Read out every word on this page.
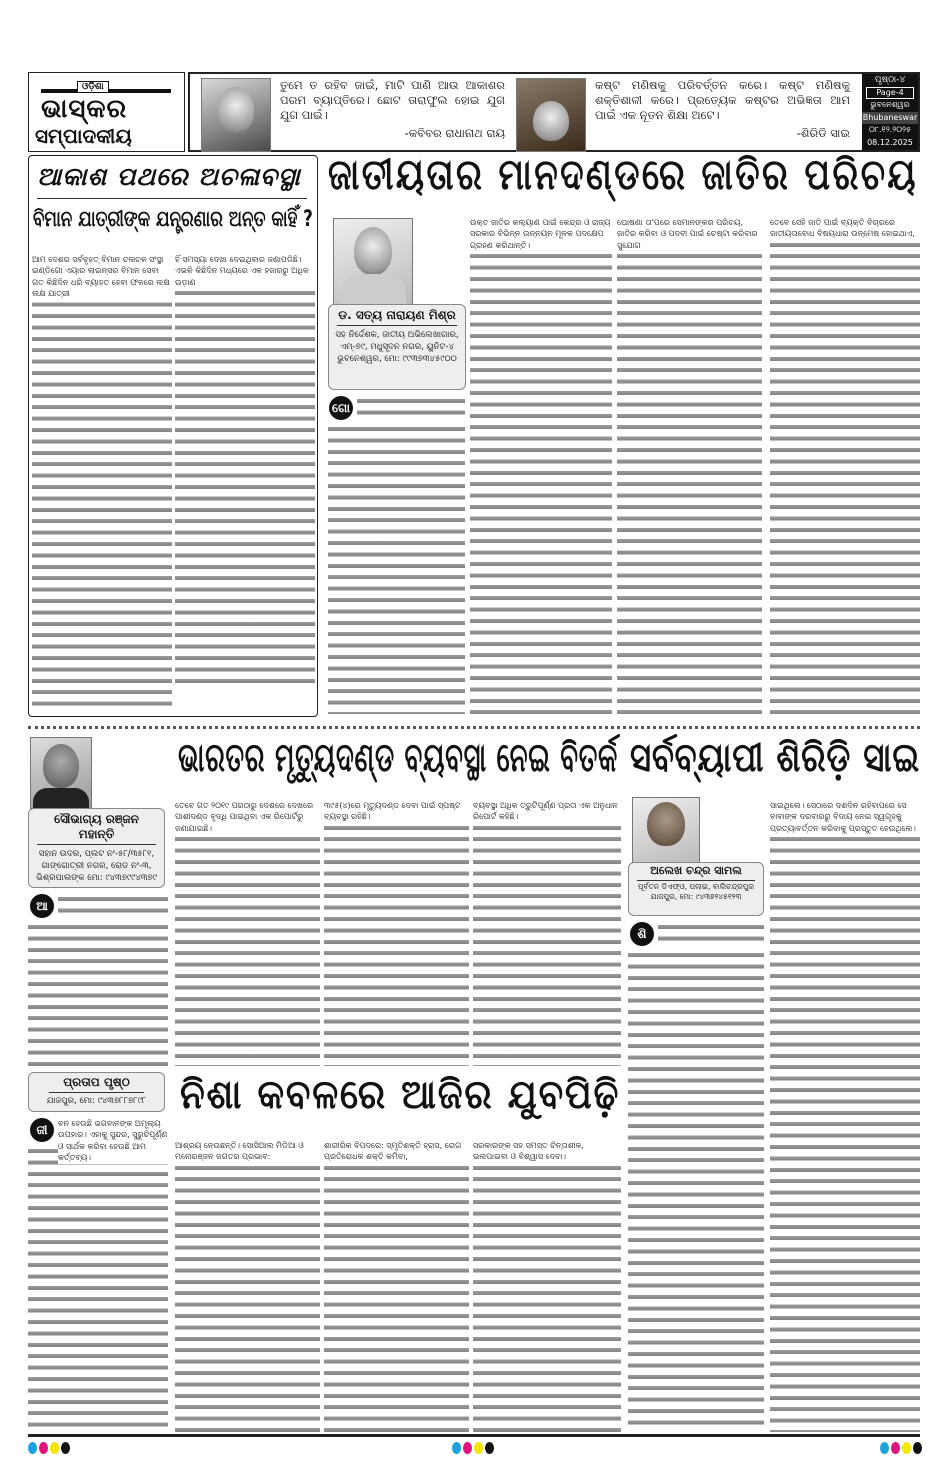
ଓଡ଼ିଶା
ଭାସ୍କର
ସମ୍ପାଦକୀୟ
ତୁମେ ତ ରହିବ ଜାଇଁ, ମାଟି ପାଣି ଆଉ ଆକାଶର ପରମ ବ୍ୟାପ୍ତିରେ। ଛୋଟ ତାରାଫୁଲ ହୋଇ ଯୁଗ ଯୁଗ ପାଇଁ।
-କବିବର ରାଧାନାଥ ରାୟ
କଷ୍ଟ ମଣିଷକୁ ପରିବର୍ତ୍ତନ କରେ। କଷ୍ଟ ମଣିଷକୁ ଶକ୍ତିଶାଳୀ କରେ। ପ୍ରତ୍ୟେକ କଷ୍ଟର ଅଭିଜ୍ଞତା ଆମ ପାଇଁ ଏକ ନୂତନ ଶିକ୍ଷା ଅଟେ।
-ଶିରିଡି ସାଇ
ପୃଷ୍ଠା-୪
Page-4
ଭୁବନେଶ୍ୱର
Bhubaneswar
୦୮.୧୨.୨୦୨୫
08.12.2025
ଆକାଶ ପଥରେ ଅଚଳାବସ୍ଥା
ବିମାନ ଯାତ୍ରୀଙ୍କ ଯନ୍ତ୍ରଣାର ଅନ୍ତ କାହିଁ ?
ଆମ ଦେଶର ସର୍ବବୃହତ୍ ବିମାନ ଚଳାଚଳ ସଂସ୍ଥା ଇଣ୍ଡିଗୋ ଏୟାର ଲାଇନ୍ସର ବିମାନ ସେବା ଗତ କିଛିଦିନ ଧରି ବ୍ୟାହତ ହେବା ଫଳରେ ଲକ୍ଷ ଲକ୍ଷ ଯାତ୍ରୀ
ହିଁ ସମସ୍ୟା ଦେଖା ଦେଇଥିବାର ଜଣାପଡିଛି। ଏଭଳି କିଛିଦିନ ମଧ୍ୟରେ ଏକ ହଜାରରୁ ଅଧିକ ଉଡ଼ାଣ
ଜାତୀୟତାର ମାନଦଣ୍ଡରେ ଜାତିର ପରିଚୟ
ଡ. ସତ୍ୟ ନାରାୟଣ ମିଶ୍ର
ସହ ନିର୍ଦ୍ଦେଶକ, ଜାତୀୟ ଅଭିଲେଖାଗାର, ଏମ୍-୭୯, ମଧୁସୂଦନ ନଗର, ୟୁନିଟ-୪ ଭୁବନେଶ୍ୱର, ମୋ: ୯୯୩୭୩୪୫୯୦୦
ଗୋ
ଉକ୍ତ ଜାତିର କଲ୍ୟାଣ ପାଇଁ କେନ୍ଦ୍ର ଓ ରାଜ୍ୟ ସରକାର ବିଭିନ୍ନ ଉନ୍ନୟନ ମୂଳକ ପଦକ୍ଷେପ ଗ୍ରହଣ କରିଥାନ୍ତି।
ଘୋଷଣା ତା'ପରେ ସେମାନଙ୍କର ପରିଚୟ, ଜାତିର କରିବା ଓ ପଦବୀ ପାଇଁ ଚେଷ୍ଟା କରିବାର ସୁଯୋଗ
ତେବେ ସେହି ଜାତି ପାଇଁ ବ୍ୟକ୍ତି ବିଚାରରେ ଜାତୀୟତାବୋଧ ବିଷୟଧାରା ଉନ୍ମେଷ ହୋଇଥାଏ,
ସୌଭାଗ୍ୟ ରଞ୍ଜନ ମହାନ୍ତି
ସହାନ ଉଦର, ପ୍ଲଟ ନଂ-୫୮/୩୫୮୧, ଗାଙ୍ଗୋତ୍ରୀ ନଗର, ରୋଡ ନଂ-୩, ଭିଶ୍ରପାଲଙ୍କ ମୋ: ୯୪୩୭୯୯୪୩୭୯
ଭାରତର ମୃତ୍ୟୁଦଣ୍ଡ ବ୍ୟବସ୍ଥା ନେଇ ବିତର୍କ
ଆ
ତେବେ ଗତ ୨୦୧୯ ପରଠାରୁ ଦେଶରେ ଦେଖରେ ପାଶୀଦଣ୍ଡ ବୃଦ୍ଧି ପାଇଥିବା ଏକ ରିପୋର୍ଟରୁ ଜଣାଯାଇଛି।
୩୯୫(୪)ରେ ମୃତ୍ୟୁଦଣ୍ଡ ଦେବା ପାଇଁ ସ୍ପଷ୍ଟ ବ୍ୟବସ୍ଥା ରହିଛି।
ବ୍ୟବସ୍ଥା ଅଧିକ ତ୍ରୁଟିପୂର୍ଣ୍ଣ ପ୍ରତା ଏକ ଅନୁଧାନ ରିପୋର୍ଟ କହିଛି।
ସର୍ବବ୍ୟାପୀ ଶିରିଡ଼ି ସାଇ
ଅଲେଖ ଚନ୍ଦ୍ର ସାମଲ
ପୂର୍ବତନ ଡିଏଫ୍ଓ, ପଲାଇ, ବାଲିଚନ୍ଦ୍ରପୁର ଯାଜପୁର, ମୋ: ୯୪୩୭୨୪୫୧୨୩
ଶି
ସାଇଥିଲେ। ସେଠାରେ ଦଶଦିନ ରହିବାପରେ ସେ ବାବାଙ୍କ ଦରବାରରୁ ବିଦାୟ ନେଇ ସ୍ୱଗୃହକୁ ପ୍ରତ୍ୟାବର୍ତ୍ତନ କରିବାକୁ ପ୍ରସ୍ତୁତ ହେଉଥିଲେ।
ପ୍ରତାପ ପୃଷ୍ଠ
ଯାଜପୁର, ମୋ: ୯୪୩୭୮୮୭୮୯୮ ନିଶା କବଳରେ ଆଜିର ଯୁବପିଢ଼ି
ଜୀ	ବନ ହେଉଛି ଭଗବାନଙ୍କ ଅମୂଲ୍ୟ ଉପହାର। ଏହାକୁ ସୁନ୍ଦର, ସୁରୁଚିପୂର୍ଣ୍ଣ ଓ ସାର୍ଥକ କରିବା ହେଉଛି ଆମ କର୍ତ୍ତବ୍ୟ।
ଆଶ୍ରୟ ନେଉଛନ୍ତି। ସୋସିଆଲ ମିଡିଆ ଓ ମନୋରଞ୍ଜନ ଜଗତର ପ୍ରଭାବ:
ଶାରୀରିକ ବିପଦରେ: ସ୍ମୃତିଶକ୍ତି ହ୍ରାସ, ରୋଗ ପ୍ରତିରୋଧକ ଶକ୍ତି କମିବା,
ସରକାରଙ୍କ ସହ ସମସ୍ତ ଚିନ୍ତାଶୀଳ, ଭଲପାଇବା ଓ ବିଶ୍ୱାସ ଦେବା।
